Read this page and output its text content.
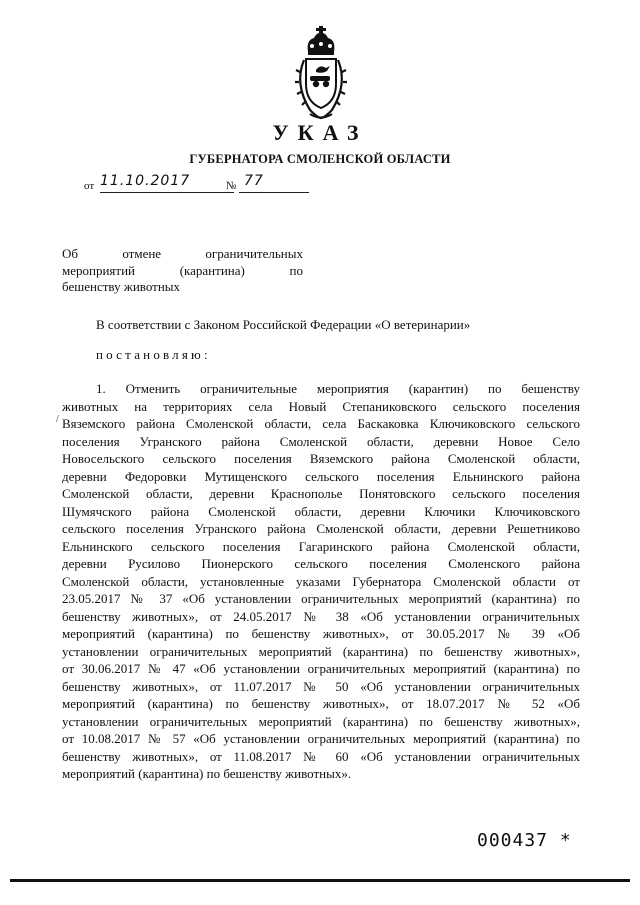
УКАЗ
ГУБЕРНАТОРА СМОЛЕНСКОЙ ОБЛАСТИ
от 11.10.2017	№ 77
Об отмене ограничительных
мероприятий (карантина) по
бешенству животных
В соответствии с Законом Российской Федерации «О ветеринарии»
постановляю:
/
1. Отменить ограничительные мероприятия (карантин) по бешенству
животных на территориях села Новый Степаниковского сельского поселения
Вяземского района Смоленской области, села Баскаковка Ключиковского сельского
поселения Угранского района Смоленской области, деревни Новое Село
Новосельского сельского поселения Вяземского района Смоленской области,
деревни Федоровки Мутищенского сельского поселения Ельнинского района
Смоленской области, деревни Краснополье Понятовского сельского поселения
Шумячского района Смоленской области, деревни Ключики Ключиковского
сельского поселения Угранского района Смоленской области, деревни Решетниково
Ельнинского сельского поселения Гагаринского района Смоленской области,
деревни Русилово Пионерского сельского поселения Смоленского района
Смоленской области, установленные указами Губернатора Смоленской области от
23.05.2017 № 37 «Об установлении ограничительных мероприятий (карантина) по
бешенству животных», от 24.05.2017 № 38 «Об установлении ограничительных
мероприятий (карантина) по бешенству животных», от 30.05.2017 № 39 «Об
установлении ограничительных мероприятий (карантина) по бешенству животных»,
от 30.06.2017 № 47 «Об установлении ограничительных мероприятий (карантина) по
бешенству животных», от 11.07.2017 № 50 «Об установлении ограничительных
мероприятий (карантина) по бешенству животных», от 18.07.2017 № 52 «Об
установлении ограничительных мероприятий (карантина) по бешенству животных»,
от 10.08.2017 № 57 «Об установлении ограничительных мероприятий (карантина) по
бешенству животных», от 11.08.2017 № 60 «Об установлении ограничительных
мероприятий (карантина) по бешенству животных».
000437 *
